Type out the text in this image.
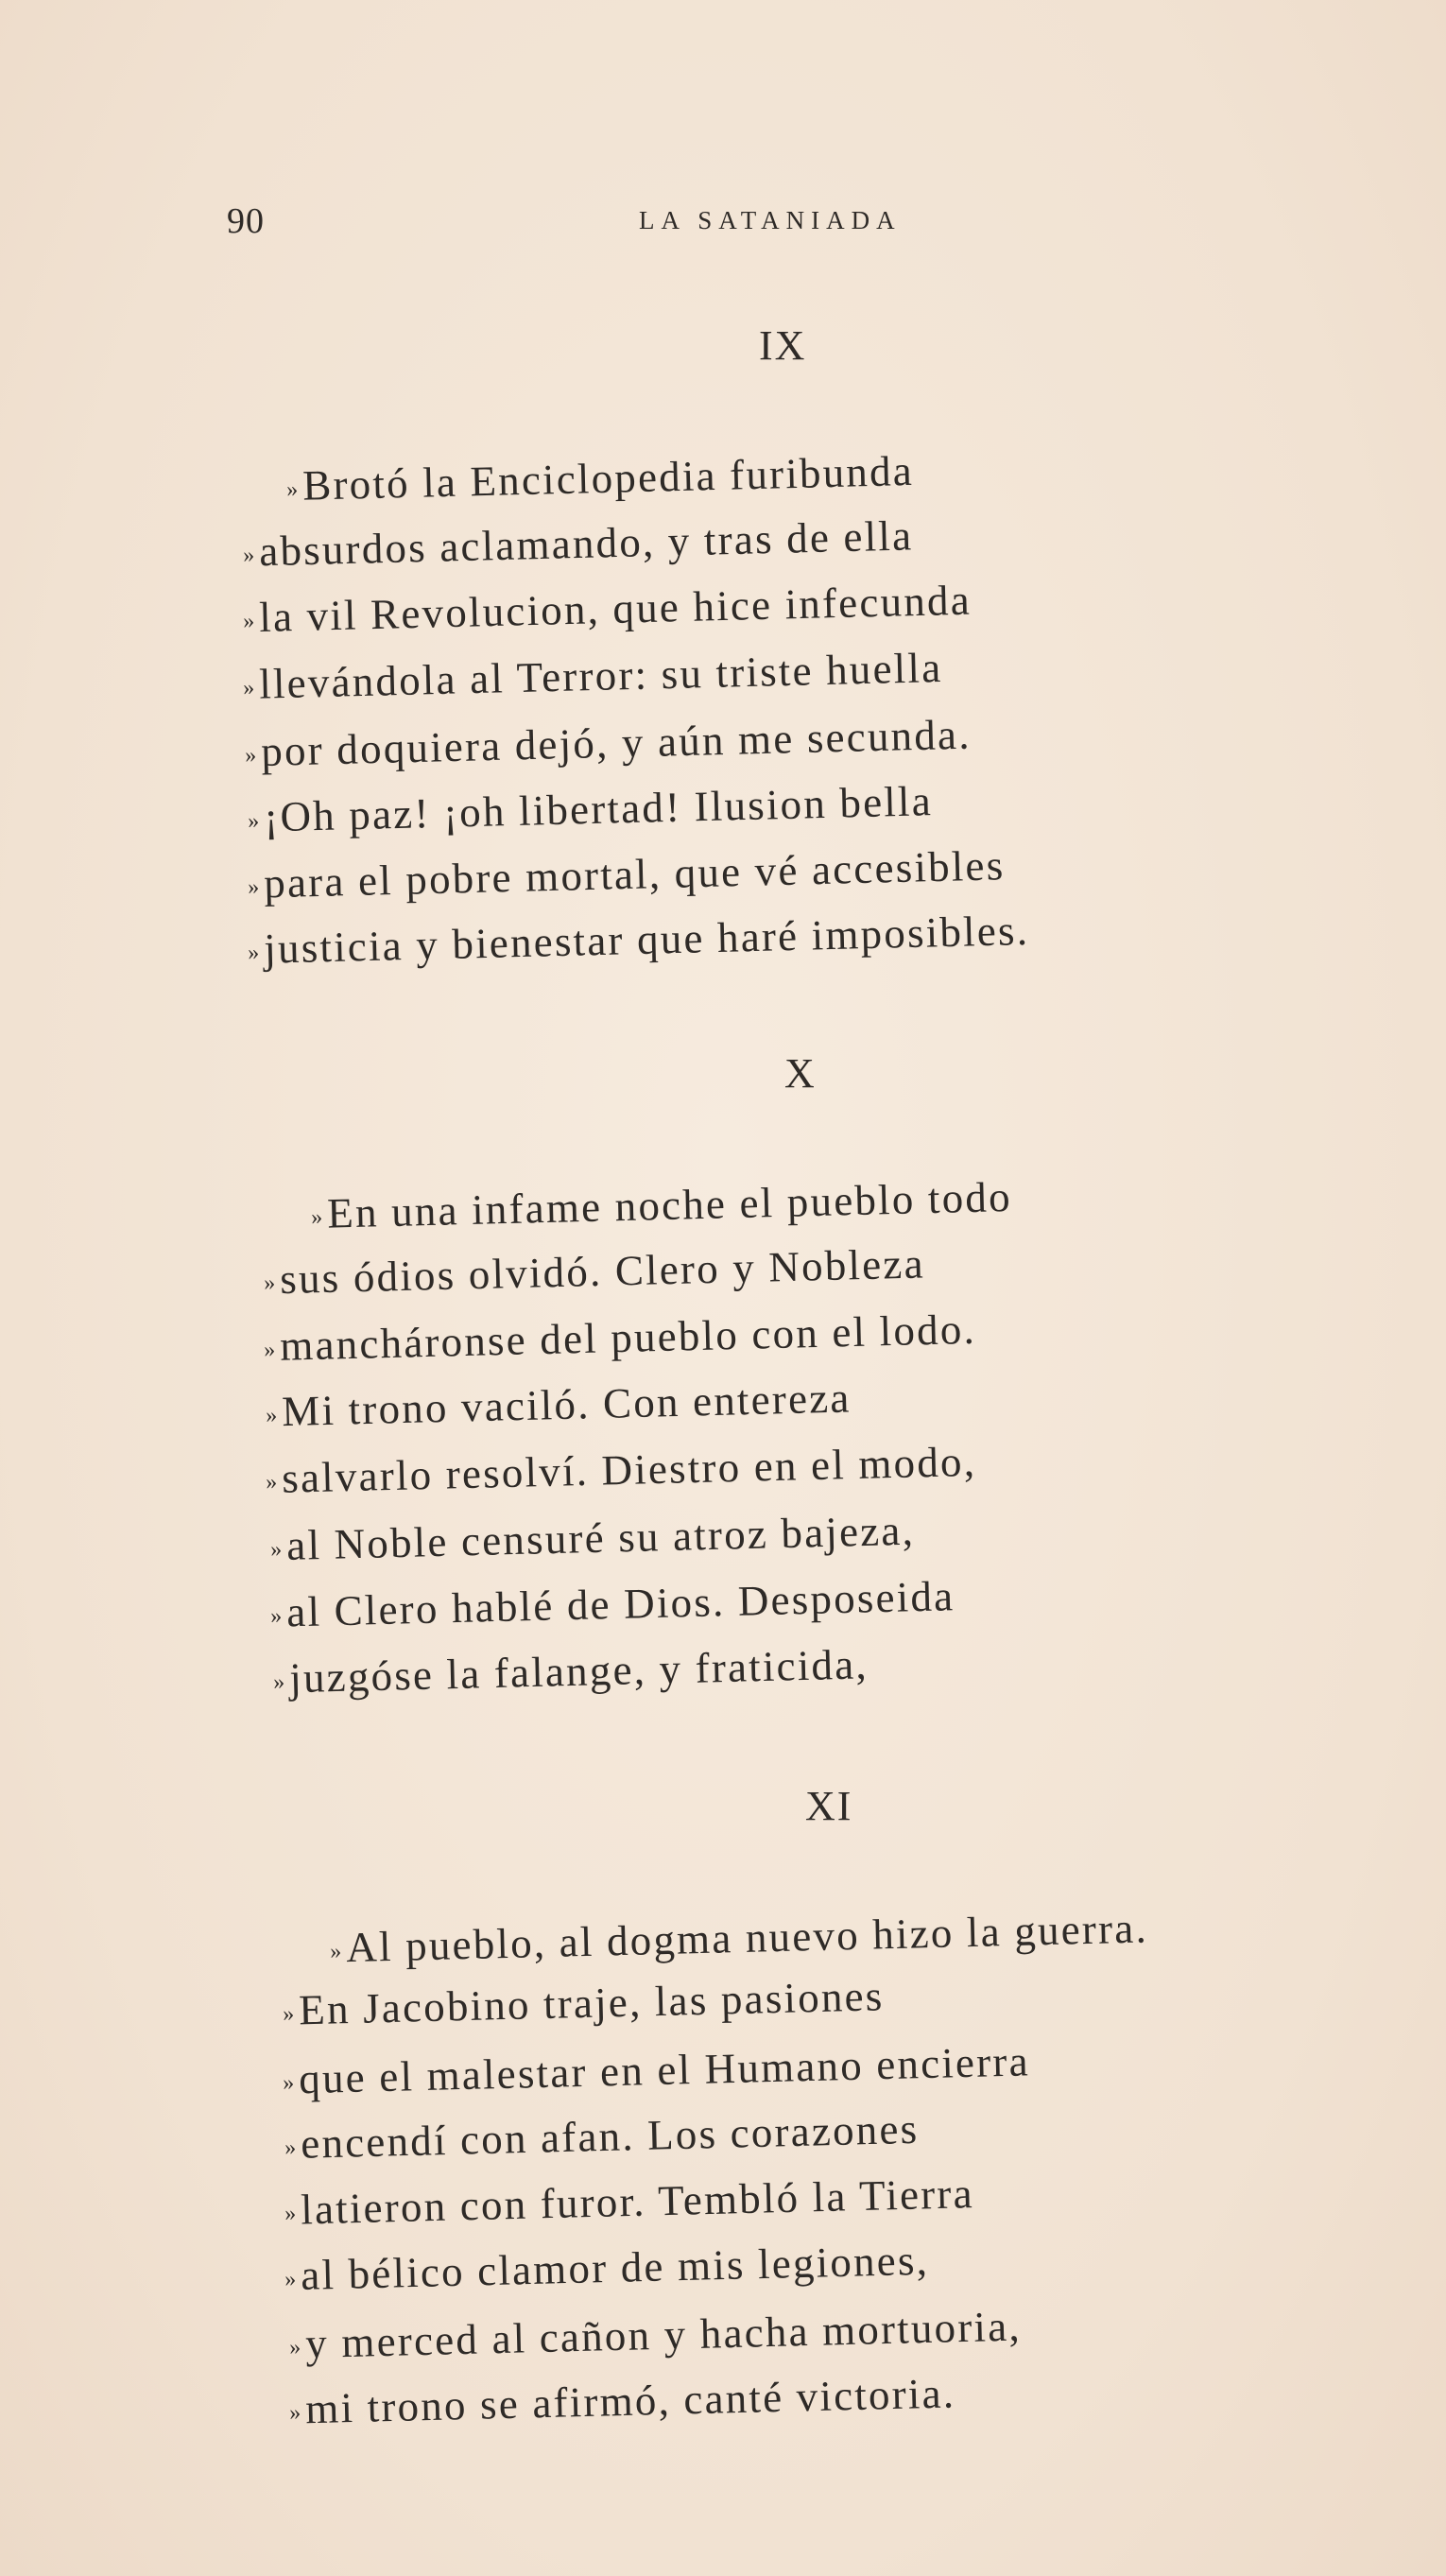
90	LA SATANIADA
IX
»Brotó la Enciclopedia furibunda
»absurdos aclamando, y tras de ella
»la vil Revolucion, que hice infecunda
»llevándola al Terror: su triste huella
»por doquiera dejó, y aún me secunda.
»¡Oh paz! ¡oh libertad! Ilusion bella
»para el pobre mortal, que vé accesibles
»justicia y bienestar que haré imposibles.
X
»En una infame noche el pueblo todo
»sus ódios olvidó. Clero y Nobleza
»mancháronse del pueblo con el lodo.
»Mi trono vaciló. Con entereza
»salvarlo resolví. Diestro en el modo,
»al Noble censuré su atroz bajeza,
»al Clero hablé de Dios. Desposeida
»juzgóse la falange, y fraticida,
XI
»Al pueblo, al dogma nuevo hizo la guerra.
»En Jacobino traje, las pasiones
»que el malestar en el Humano encierra
»encendí con afan. Los corazones
»latieron con furor. Tembló la Tierra
»al bélico clamor de mis legiones,
»y merced al cañon y hacha mortuoria,
»mi trono se afirmó, canté victoria.
